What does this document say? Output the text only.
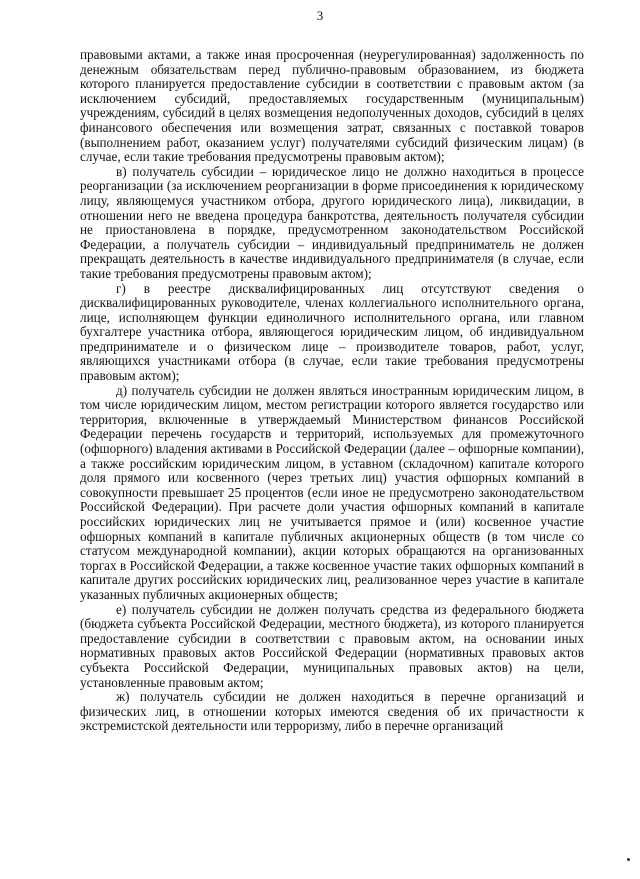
3

правовыми актами, а также иная просроченная (неурегулированная) задолженность по денежным обязательствам перед публично-правовым образованием, из бюджета которого планируется предоставление субсидии в соответствии с правовым актом (за исключением субсидий, предоставляемых государственным (муниципальным) учреждениям, субсидий в целях возмещения недополученных доходов, субсидий в целях финансового обеспечения или возмещения затрат, связанных с поставкой товаров (выполнением работ, оказанием услуг) получателями субсидий физическим лицам) (в случае, если такие требования предусмотрены правовым актом);

в) получатель субсидии – юридическое лицо не должно находиться в процессе реорганизации (за исключением реорганизации в форме присоединения к юридическому лицу, являющемуся участником отбора, другого юридического лица), ликвидации, в отношении него не введена процедура банкротства, деятельность получателя субсидии не приостановлена в порядке, предусмотренном законодательством Российской Федерации, а получатель субсидии – индивидуальный предприниматель не должен прекращать деятельность в качестве индивидуального предпринимателя (в случае, если такие требования предусмотрены правовым актом);

г) в реестре дисквалифицированных лиц отсутствуют сведения о дисквалифицированных руководителе, членах коллегиального исполнительного органа, лице, исполняющем функции единоличного исполнительного органа, или главном бухгалтере участника отбора, являющегося юридическим лицом, об индивидуальном предпринимателе и о физическом лице – производителе товаров, работ, услуг, являющихся участниками отбора (в случае, если такие требования предусмотрены правовым актом);

д) получатель субсидии не должен являться иностранным юридическим лицом, в том числе юридическим лицом, местом регистрации которого является государство или территория, включенные в утверждаемый Министерством финансов Российской Федерации перечень государств и территорий, используемых для промежуточного (офшорного) владения активами в Российской Федерации (далее – офшорные компании), а также российским юридическим лицом, в уставном (складочном) капитале которого доля прямого или косвенного (через третьих лиц) участия офшорных компаний в совокупности превышает 25 процентов (если иное не предусмотрено законодательством Российской Федерации). При расчете доли участия офшорных компаний в капитале российских юридических лиц не учитывается прямое и (или) косвенное участие офшорных компаний в капитале публичных акционерных обществ (в том числе со статусом международной компании), акции которых обращаются на организованных торгах в Российской Федерации, а также косвенное участие таких офшорных компаний в капитале других российских юридических лиц, реализованное через участие в капитале указанных публичных акционерных обществ;

е) получатель субсидии не должен получать средства из федерального бюджета (бюджета субъекта Российской Федерации, местного бюджета), из которого планируется предоставление субсидии в соответствии с правовым актом, на основании иных нормативных правовых актов Российской Федерации (нормативных правовых актов субъекта Российской Федерации, муниципальных правовых актов) на цели, установленные правовым актом;

ж) получатель субсидии не должен находиться в перечне организаций и физических лиц, в отношении которых имеются сведения об их причастности к экстремистской деятельности или терроризму, либо в перечне организаций
